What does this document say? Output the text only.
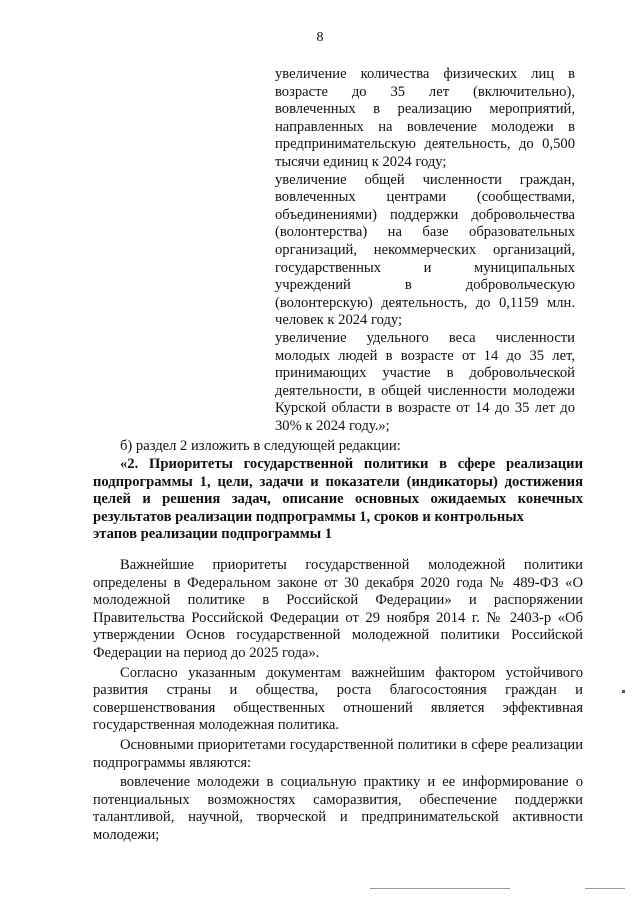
8

увеличение количества физических лиц в возрасте до 35 лет (включительно), вовлеченных в реализацию мероприятий, направленных на вовлечение молодежи в предпринимательскую деятельность, до 0,500 тысячи единиц к 2024 году;

увеличение общей численности граждан, вовлеченных центрами (сообществами, объединениями) поддержки добровольчества (волонтерства) на базе образовательных организаций, некоммерческих организаций, государственных и муниципальных учреждений в добровольческую (волонтерскую) деятельность, до 0,1159 млн. человек к 2024 году;

увеличение удельного веса численности молодых людей в возрасте от 14 до 35 лет, принимающих участие в добровольческой деятельности, в общей численности молодежи Курской области в возрасте от 14 до 35 лет до 30% к 2024 году.»;

б) раздел 2 изложить в следующей редакции:

«2. Приоритеты государственной политики в сфере реализации подпрограммы 1, цели, задачи и показатели (индикаторы) достижения целей и решения задач, описание основных ожидаемых конечных результатов реализации подпрограммы 1, сроков и контрольных

этапов реализации подпрограммы 1

Важнейшие приоритеты государственной молодежной политики определены в Федеральном законе от 30 декабря 2020 года № 489-ФЗ «О молодежной политике в Российской Федерации» и распоряжении Правительства Российской Федерации от 29 ноября 2014 г. № 2403-р «Об утверждении Основ государственной молодежной политики Российской Федерации на период до 2025 года».

Согласно указанным документам важнейшим фактором устойчивого развития страны и общества, роста благосостояния граждан и совершенствования общественных отношений является эффективная государственная молодежная политика.

Основными приоритетами государственной политики в сфере реализации подпрограммы являются:

вовлечение молодежи в социальную практику и ее информирование о потенциальных возможностях саморазвития, обеспечение поддержки талантливой, научной, творческой и предпринимательской активности молодежи;
